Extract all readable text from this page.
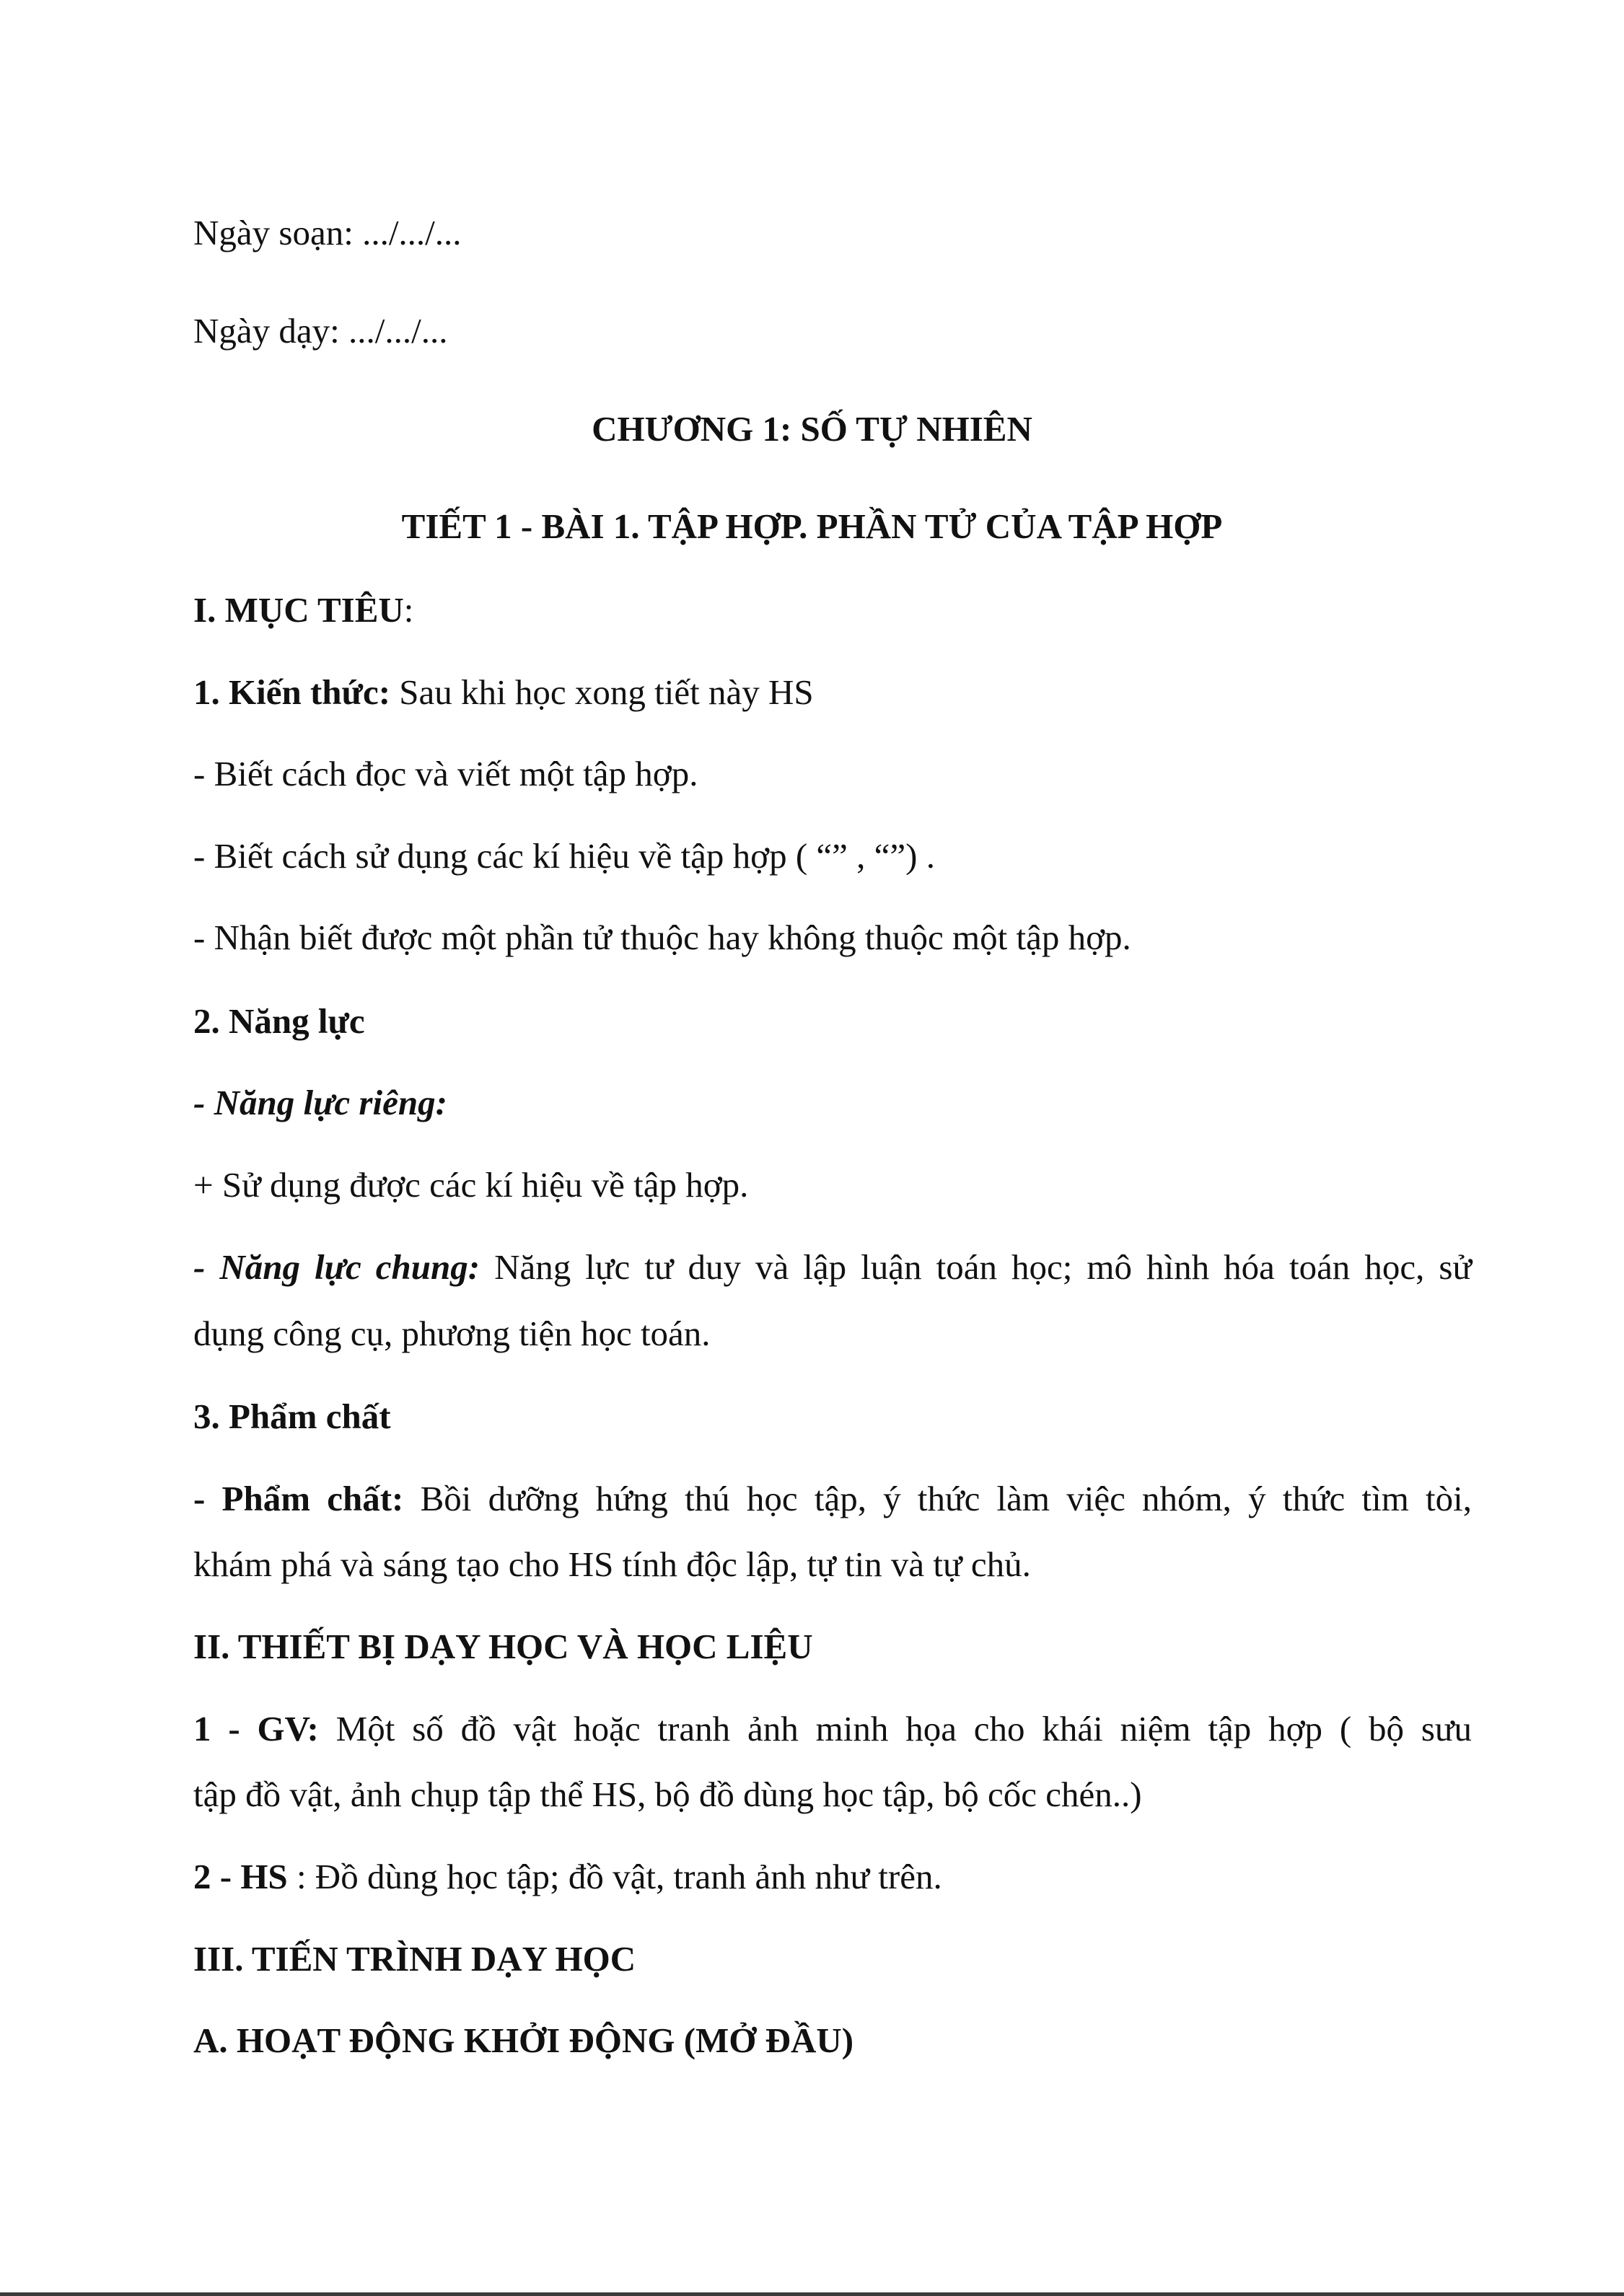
Ngày soạn: .../.../...
Ngày dạy: .../.../...
CHƯƠNG 1: SỐ TỰ NHIÊN
TIẾT 1 - BÀI 1. TẬP HỢP. PHẦN TỬ CỦA TẬP HỢP
I. MỤC TIÊU:
1. Kiến thức: Sau khi học xong tiết này HS
- Biết cách đọc và viết một tập hợp.
- Biết cách sử dụng các kí hiệu về tập hợp ( “” , “”) .
- Nhận biết được một phần tử thuộc hay không thuộc một tập hợp.
2. Năng lực
- Năng lực riêng:
+ Sử dụng được các kí hiệu về tập hợp.
- Năng lực chung: Năng lực tư duy và lập luận toán học; mô hình hóa toán học, sử
dụng công cụ, phương tiện học toán.
3. Phẩm chất
- Phẩm chất: Bồi dưỡng hứng thú học tập, ý thức làm việc nhóm, ý thức tìm tòi,
khám phá và sáng tạo cho HS tính độc lập, tự tin và tự chủ.
II. THIẾT BỊ DẠY HỌC VÀ HỌC LIỆU
1 - GV: Một số đồ vật hoặc tranh ảnh minh họa cho khái niệm tập hợp ( bộ sưu
tập đồ vật, ảnh chụp tập thể HS, bộ đồ dùng học tập, bộ cốc chén..)
2 - HS : Đồ dùng học tập; đồ vật, tranh ảnh như trên.
III. TIẾN TRÌNH DẠY HỌC
A. HOẠT ĐỘNG KHỞI ĐỘNG (MỞ ĐẦU)
